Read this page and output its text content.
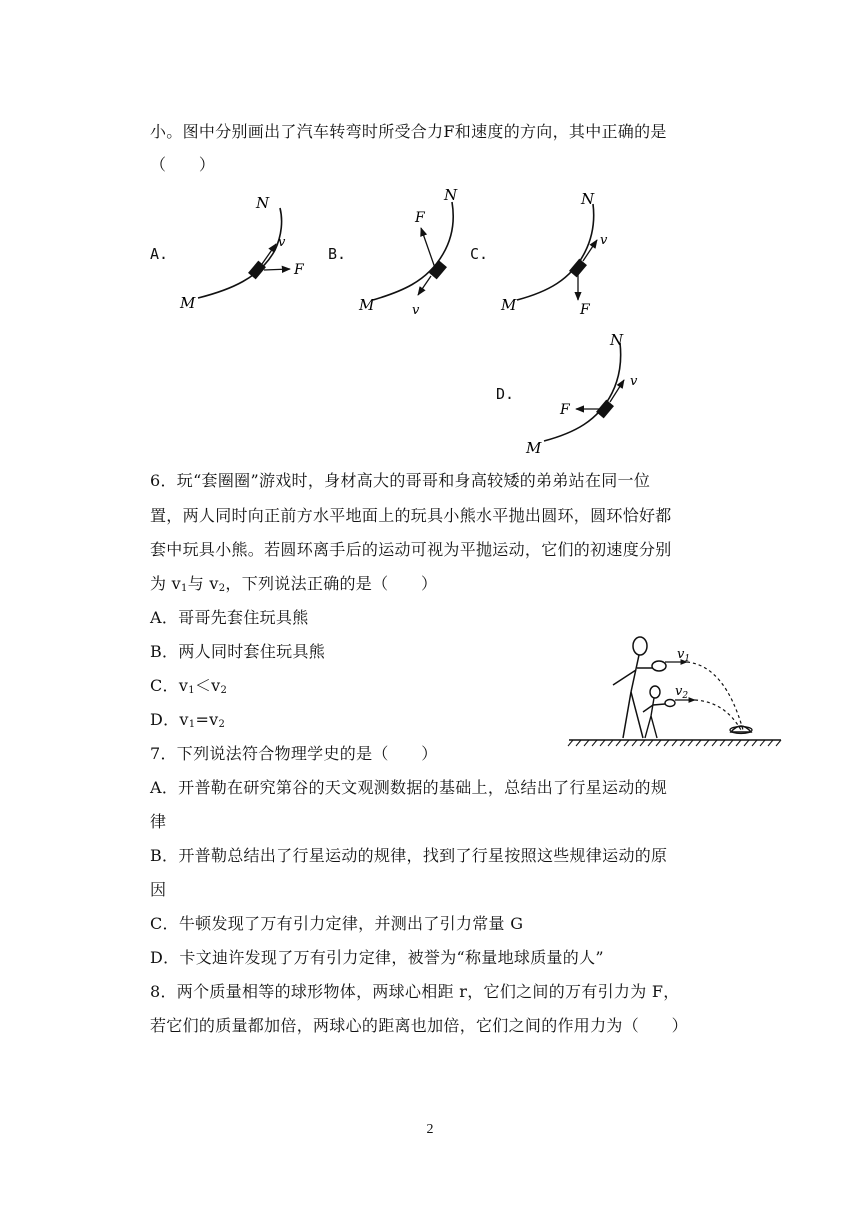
小。图中分别画出了汽车转弯时所受合力F和速度的方向，其中正确的是
（　　）
A.	B.	C.
D.
N
M
v
F
N
M
F
v
N
M
v
F
N
M
v
F
6．玩“套圈圈”游戏时，身材高大的哥哥和身高较矮的弟弟站在同一位
置，两人同时向正前方水平地面上的玩具小熊水平抛出圆环，圆环恰好都
套中玩具小熊。若圆环离手后的运动可视为平抛运动，它们的初速度分别
为 $v_1$与 $v_2$，下列说法正确的是（　　）
A．哥哥先套住玩具熊
B．两人同时套住玩具熊
C．$v_1<v_2$
D．$v_1=v_2$
$v_1$
$v_2$
7．下列说法符合物理学史的是（　　）
A．开普勒在研究第谷的天文观测数据的基础上，总结出了行星运动的规
律
B．开普勒总结出了行星运动的规律，找到了行星按照这些规律运动的原
因
C．牛顿发现了万有引力定律，并测出了引力常量 G
D．卡文迪许发现了万有引力定律，被誉为“称量地球质量的人”
8．两个质量相等的球形物体，两球心相距 r，它们之间的万有引力为 F，
若它们的质量都加倍，两球心的距离也加倍，它们之间的作用力为（　　）
2
